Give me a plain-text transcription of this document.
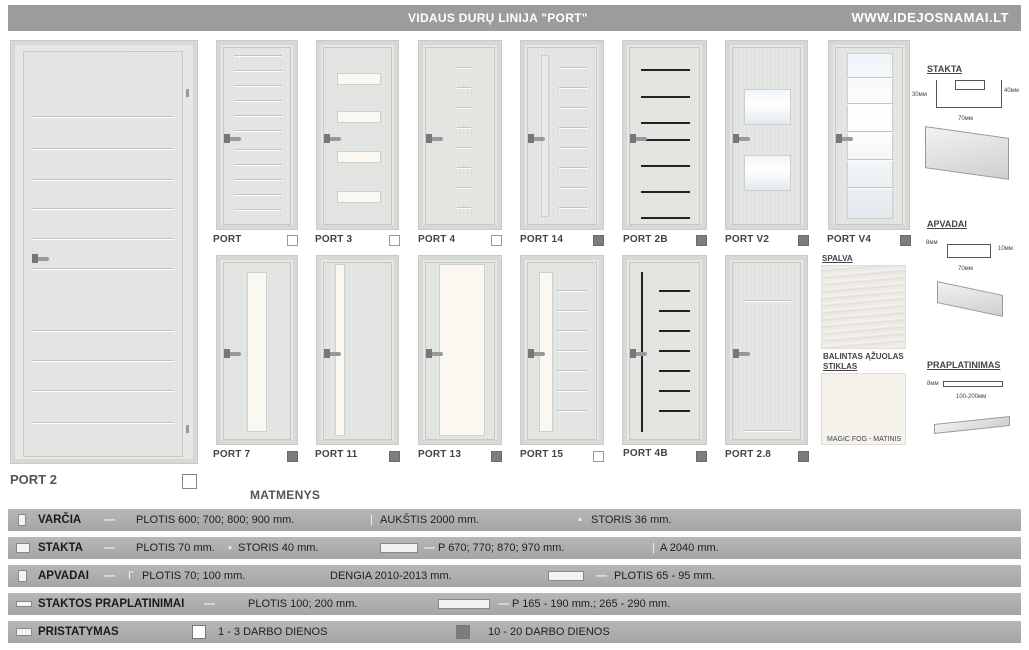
VIDAUS DURŲ LINIJA "PORT"	WWW.IDEJOSNAMAI.LT
PORT 2
PORT	PORT 3	PORT 4	PORT 14	PORT 2B	PORT V2	PORT V4
PORT 7	PORT 11	PORT 13	PORT 15	PORT 4B	PORT 2.8
SPALVA
BALINTAS ĄŽUOLAS
STIKLAS
MAGIC FOG - MATINIS
STAKTA
30мм
40мм
70мм
APVADAI
8мм
10мм
70мм
PRAPLATINIMAS
8мм
100-200мм
MATMENYS
VARČIA — PLOTIS 600; 700; 800; 900 mm.	| AUKŠTIS 2000 mm.	▪ STORIS 36 mm.
STAKTA — PLOTIS 70 mm. ▪ STORIS 40 mm.	— P 670; 770; 870; 970 mm.	| A 2040 mm.
APVADAI — Γ PLOTIS 70; 100 mm.	DENGIA 2010-2013 mm.	— PLOTIS 65 - 95 mm.
STAKTOS PRAPLATINIMAI —	PLOTIS 100; 200 mm.	— P 165 - 190 mm.; 265 - 290 mm.
PRISTATYMAS	1 - 3 DARBO DIENOS	10 - 20 DARBO DIENOS
